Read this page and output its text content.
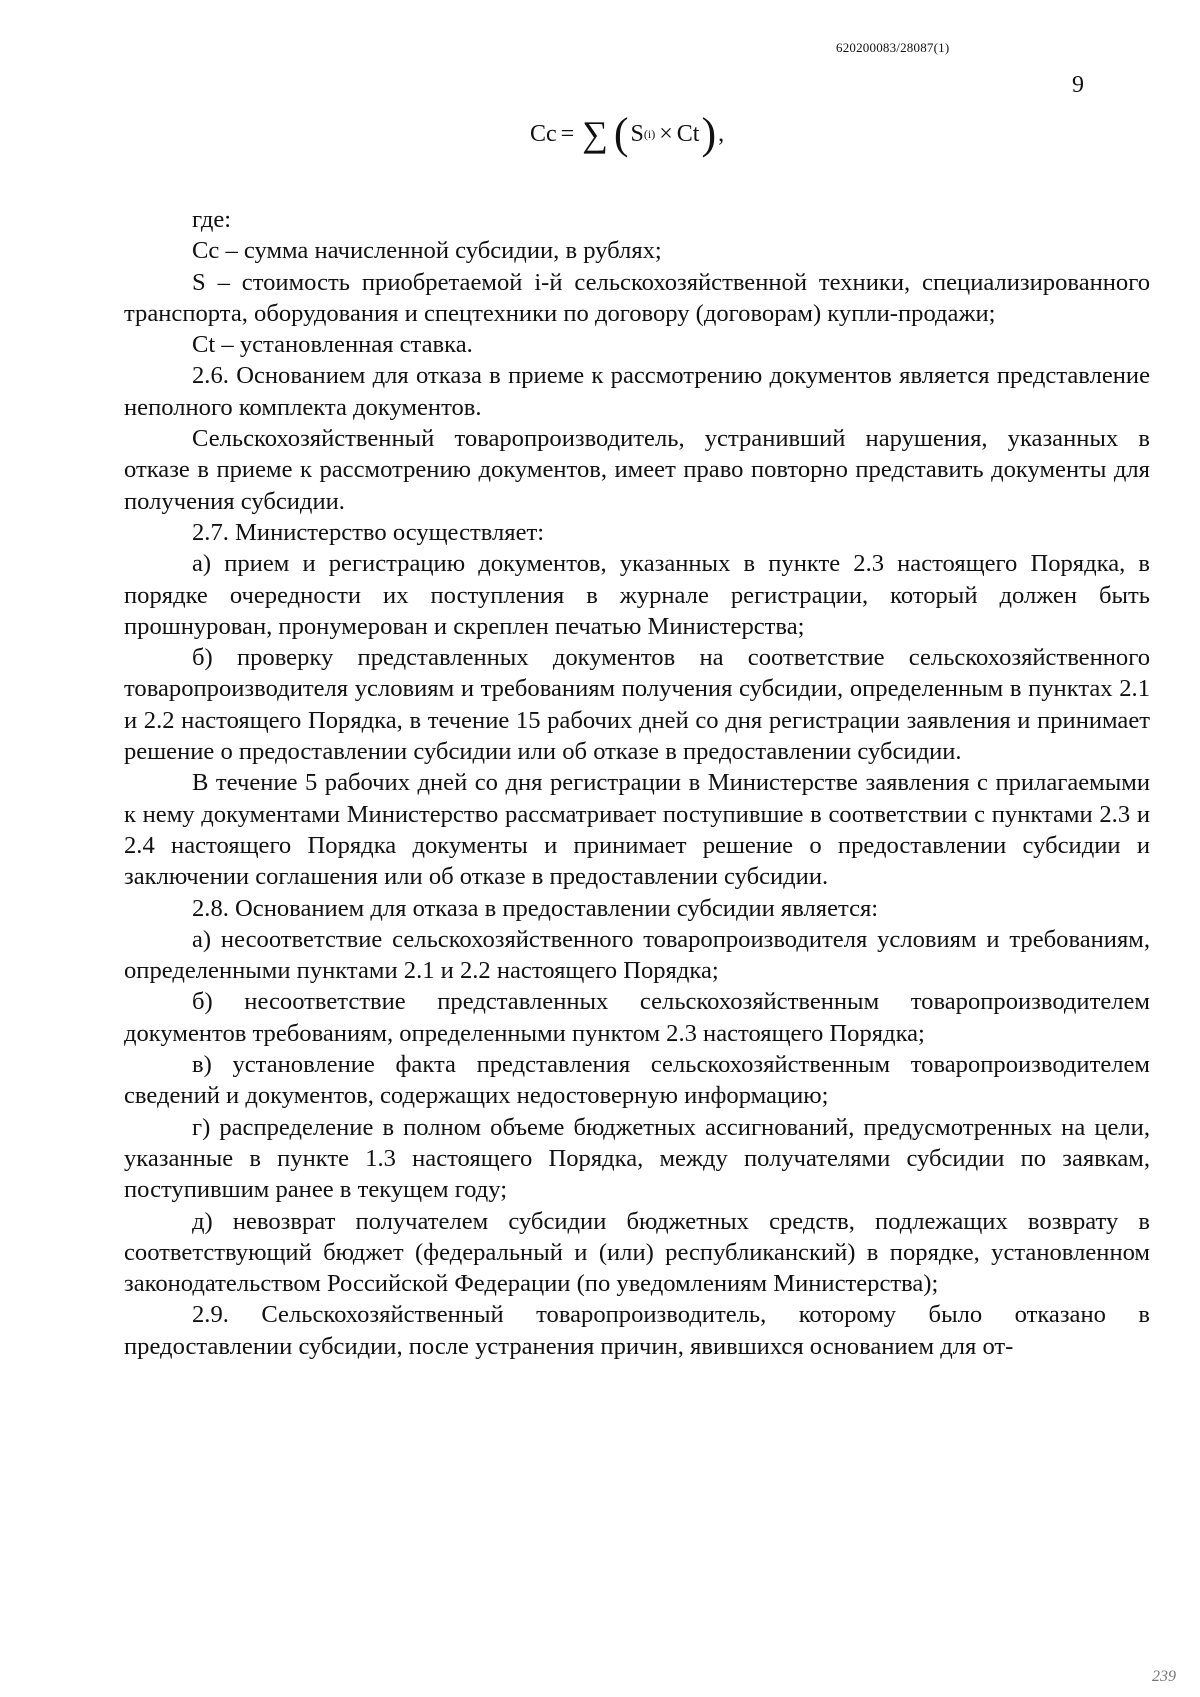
620200083/28087(1)
9
Cc = ∑ ( S (i) × Ct ) ,

где:

Cc – сумма начисленной субсидии, в рублях;

S – стоимость приобретаемой i-й сельскохозяйственной техники, специализированного транспорта, оборудования и спецтехники по договору (договорам) купли-продажи;

Ct – установленная ставка.

2.6. Основанием для отказа в приеме к рассмотрению документов является представление неполного комплекта документов.

Сельскохозяйственный товаропроизводитель, устранивший нарушения, указанных в отказе в приеме к рассмотрению документов, имеет право повторно представить документы для получения субсидии.

2.7. Министерство осуществляет:

а) прием и регистрацию документов, указанных в пункте 2.3 настоящего Порядка, в порядке очередности их поступления в журнале регистрации, который должен быть прошнурован, пронумерован и скреплен печатью Министерства;

б) проверку представленных документов на соответствие сельскохозяйственного товаропроизводителя условиям и требованиям получения субсидии, определенным в пунктах 2.1 и 2.2 настоящего Порядка, в течение 15 рабочих дней со дня регистрации заявления и принимает решение о предоставлении субсидии или об отказе в предоставлении субсидии.

В течение 5 рабочих дней со дня регистрации в Министерстве заявления с прилагаемыми к нему документами Министерство рассматривает поступившие в соответствии с пунктами 2.3 и 2.4 настоящего Порядка документы и принимает решение о предоставлении субсидии и заключении соглашения или об отказе в предоставлении субсидии.

2.8. Основанием для отказа в предоставлении субсидии является:

а) несоответствие сельскохозяйственного товаропроизводителя условиям и требованиям, определенными пунктами 2.1 и 2.2 настоящего Порядка;

б) несоответствие представленных сельскохозяйственным товаропроизводителем документов требованиям, определенными пунктом 2.3 настоящего Порядка;

в) установление факта представления сельскохозяйственным товаропроизводителем сведений и документов, содержащих недостоверную информацию;

г) распределение в полном объеме бюджетных ассигнований, предусмотренных на цели, указанные в пункте 1.3 настоящего Порядка, между получателями субсидии по заявкам, поступившим ранее в текущем году;

д) невозврат получателем субсидии бюджетных средств, подлежащих возврату в соответствующий бюджет (федеральный и (или) республиканский) в порядке, установленном законодательством Российской Федерации (по уведомлениям Министерства);

2.9. Сельскохозяйственный товаропроизводитель, которому было отказано в предоставлении субсидии, после устранения причин, явившихся основанием для от-

239
